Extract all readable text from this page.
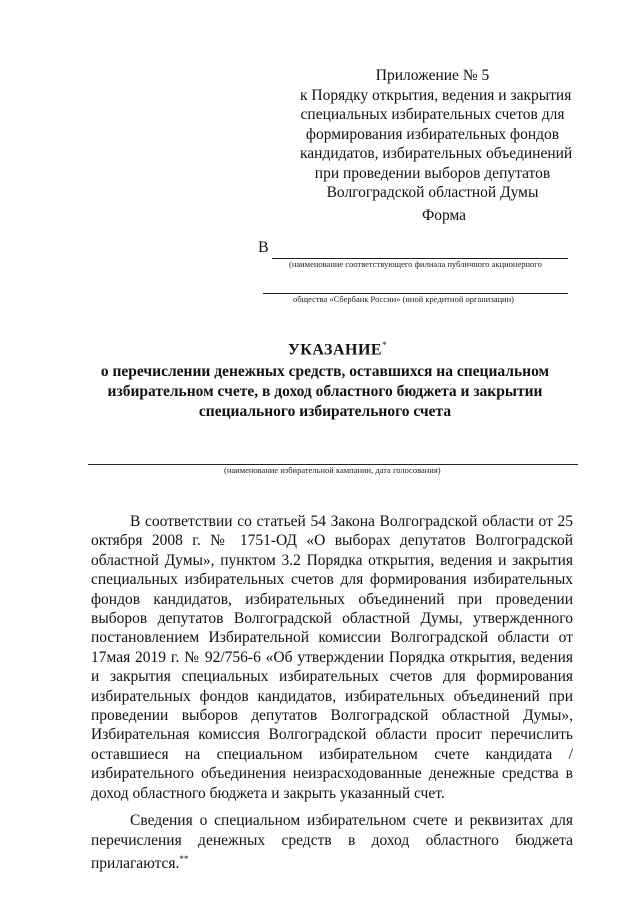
Приложение № 5
к Порядку открытия, ведения и закрытия
специальных избирательных счетов для
формирования избирательных фондов
кандидатов, избирательных объединений
при проведении выборов депутатов
Волгоградской областной Думы
Форма
В
(наименование соответствующего филиала публичного акционерного
общества «Сбербанк России» (иной кредитной организации)
УКАЗАНИЕ*
о перечислении денежных средств, оставшихся на специальном избирательном счете, в доход областного бюджета и закрытии специального избирательного счета
(наименование избирательной кампании, дата голосования)

В соответствии со статьей 54 Закона Волгоградской области от 25 октября 2008 г. № 1751-ОД «О выборах депутатов Волгоградской областной Думы», пунктом 3.2 Порядка открытия, ведения и закрытия специальных избирательных счетов для формирования избирательных фондов кандидатов, избирательных объединений при проведении выборов депутатов Волгоградской областной Думы, утвержденного постановлением Избирательной комиссии Волгоградской области от 17мая 2019 г. № 92/756-6 «Об утверждении Порядка открытия, ведения и закрытия специальных избирательных счетов для формирования избирательных фондов кандидатов, избирательных объединений при проведении выборов депутатов Волгоградской областной Думы», Избирательная комиссия Волгоградской области просит перечислить оставшиеся на специальном избирательном счете кандидата / избирательного объединения неизрасходованные денежные средства в доход областного бюджета и закрыть указанный счет.

Сведения о специальном избирательном счете и реквизитах для перечисления денежных средств в доход областного бюджета прилагаются.**
